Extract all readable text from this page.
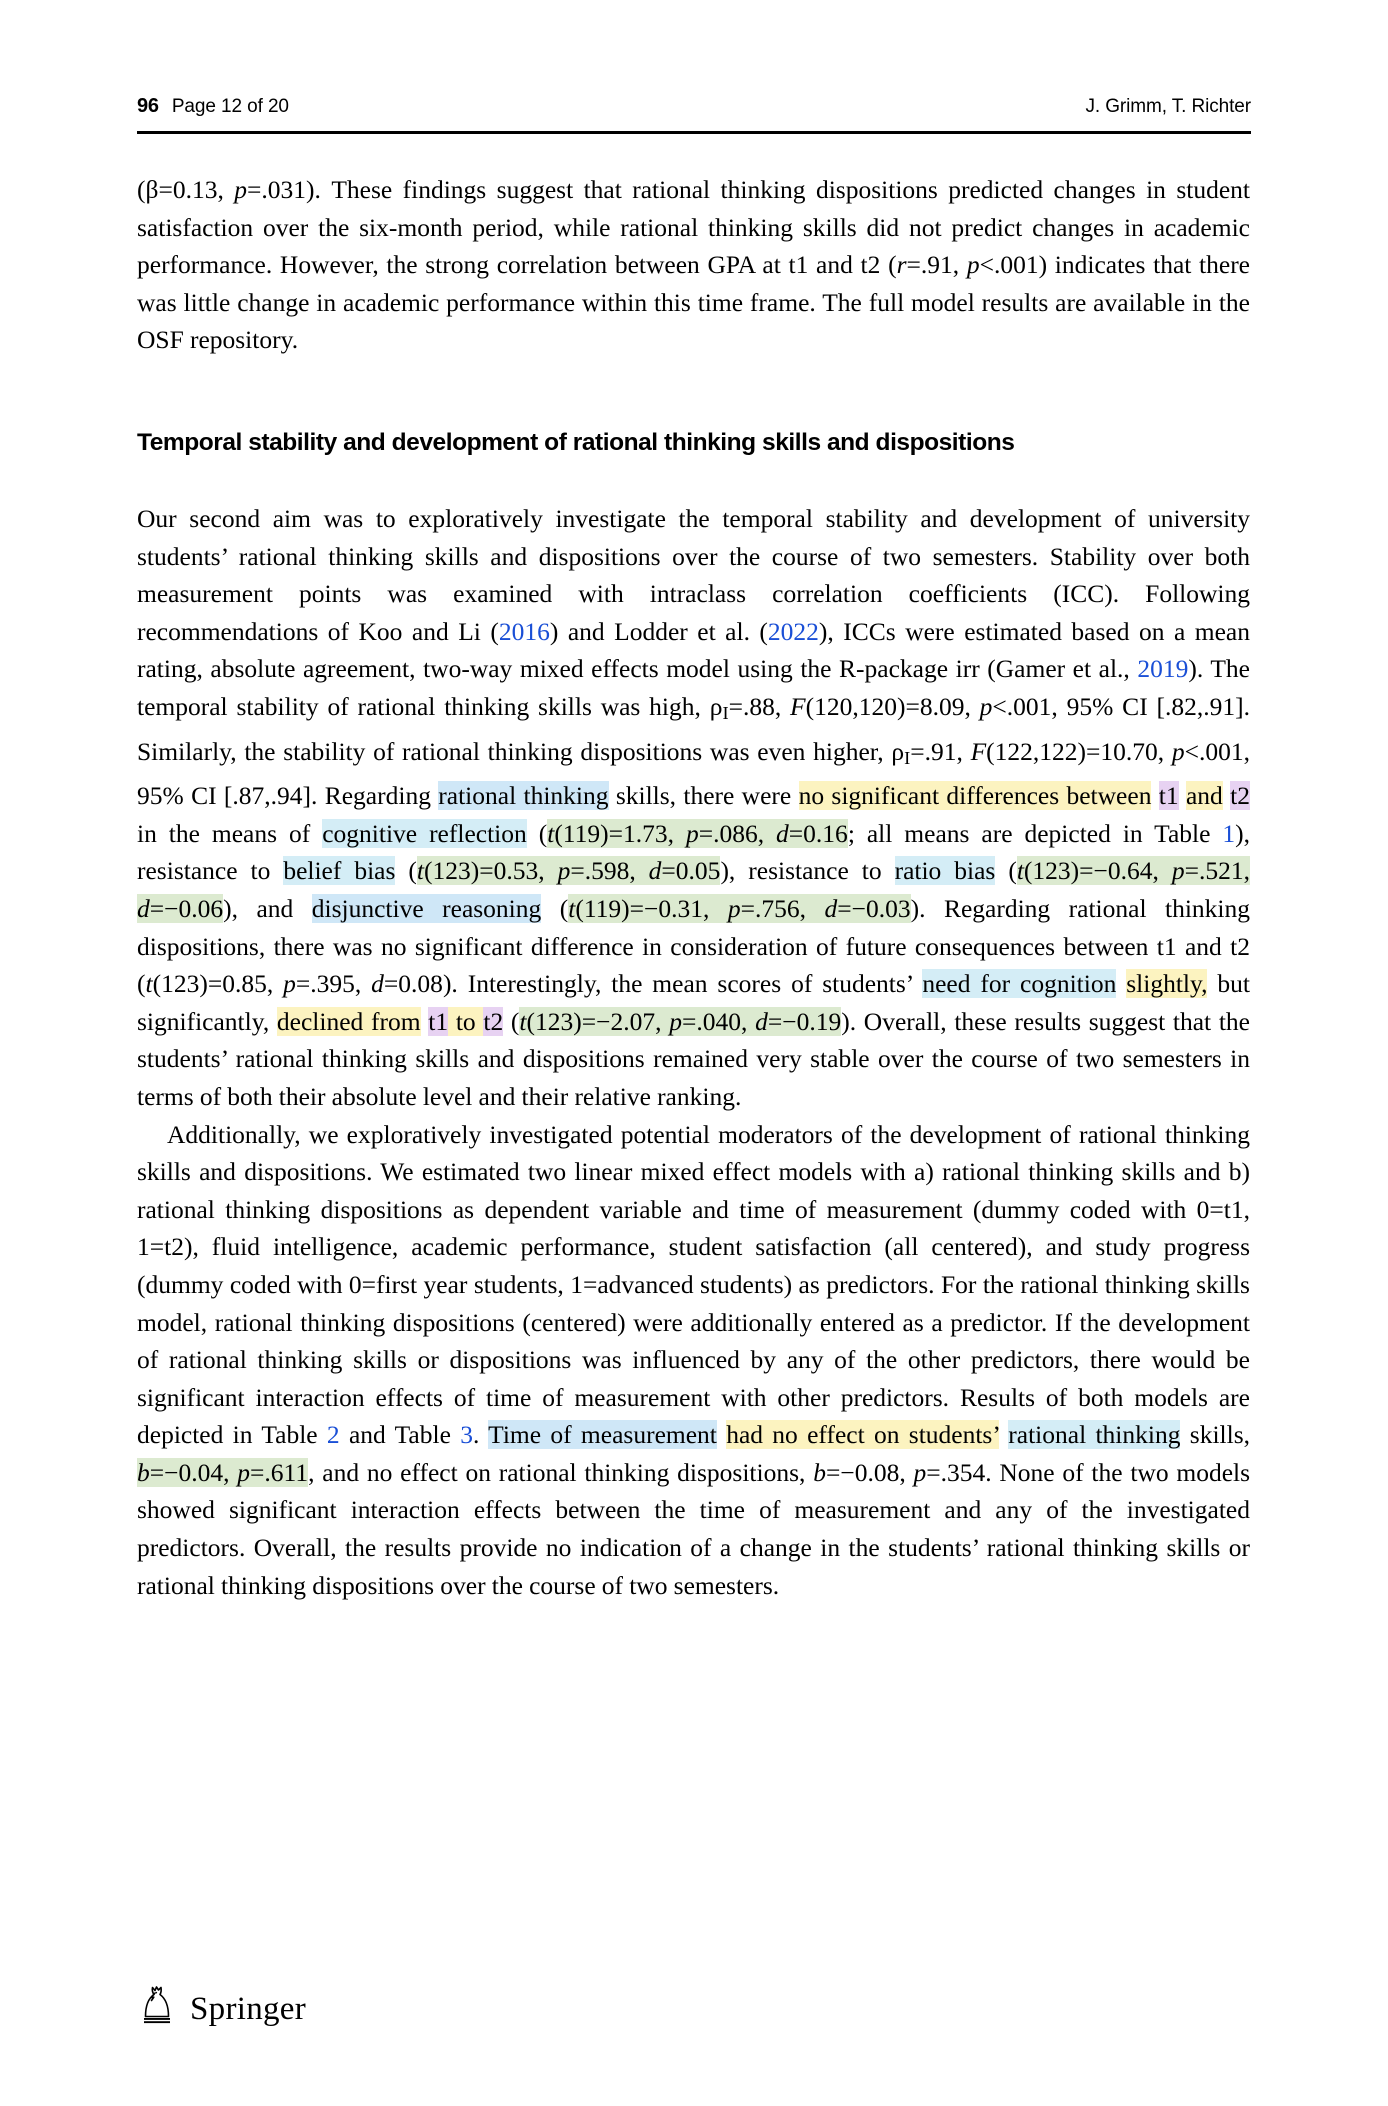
96 Page 12 of 20	J. Grimm, T. Richter

(β=0.13, p=.031). These findings suggest that rational thinking dispositions predicted changes in student satisfaction over the six-month period, while rational thinking skills did not predict changes in academic performance. However, the strong correlation between GPA at t1 and t2 (r=.91, p<.001) indicates that there was little change in academic performance within this time frame. The full model results are available in the OSF repository.

Temporal stability and development of rational thinking skills and dispositions

Our second aim was to exploratively investigate the temporal stability and development of university students’ rational thinking skills and dispositions over the course of two semesters. Stability over both measurement points was examined with intraclass correlation coefficients (ICC). Following recommendations of Koo and Li (2016) and Lodder et al. (2022), ICCs were estimated based on a mean rating, absolute agreement, two-way mixed effects model using the R-package irr (Gamer et al., 2019). The temporal stability of rational thinking skills was high, $\rho_I=.88$, F(120,120)=8.09, p<.001, 95% CI [.82,.91]. Similarly, the stability of rational thinking dispositions was even higher, $\rho_I=.91$, F(122,122)=10.70, p<.001, 95% CI [.87,.94]. Regarding rational thinking skills, there were no significant differences between t1 and t2 in the means of cognitive reflection (t(119)=1.73, p=.086, d=0.16; all means are depicted in Table 1), resistance to belief bias (t(123)=0.53, p=.598, d=0.05), resistance to ratio bias (t(123)=−0.64, p=.521, d=−0.06), and disjunctive reasoning (t(119)=−0.31, p=.756, d=−0.03). Regarding rational thinking dispositions, there was no significant difference in consideration of future consequences between t1 and t2 (t(123)=0.85, p=.395, d=0.08). Interestingly, the mean scores of students’ need for cognition slightly, but significantly, declined from t1 to t2 (t(123)=−2.07, p=.040, d=−0.19). Overall, these results suggest that the students’ rational thinking skills and dispositions remained very stable over the course of two semesters in terms of both their absolute level and their relative ranking.

Additionally, we exploratively investigated potential moderators of the development of rational thinking skills and dispositions. We estimated two linear mixed effect models with a) rational thinking skills and b) rational thinking dispositions as dependent variable and time of measurement (dummy coded with 0=t1, 1=t2), fluid intelligence, academic performance, student satisfaction (all centered), and study progress (dummy coded with 0=first year students, 1=advanced students) as predictors. For the rational thinking skills model, rational thinking dispositions (centered) were additionally entered as a predictor. If the development of rational thinking skills or dispositions was influenced by any of the other predictors, there would be significant interaction effects of time of measurement with other predictors. Results of both models are depicted in Table 2 and Table 3. Time of measurement had no effect on students’ rational thinking skills, b=−0.04, p=.611, and no effect on rational thinking dispositions, b=−0.08, p=.354. None of the two models showed significant interaction effects between the time of measurement and any of the investigated predictors. Overall, the results provide no indication of a change in the students’ rational thinking skills or rational thinking dispositions over the course of two semesters.

Springer
